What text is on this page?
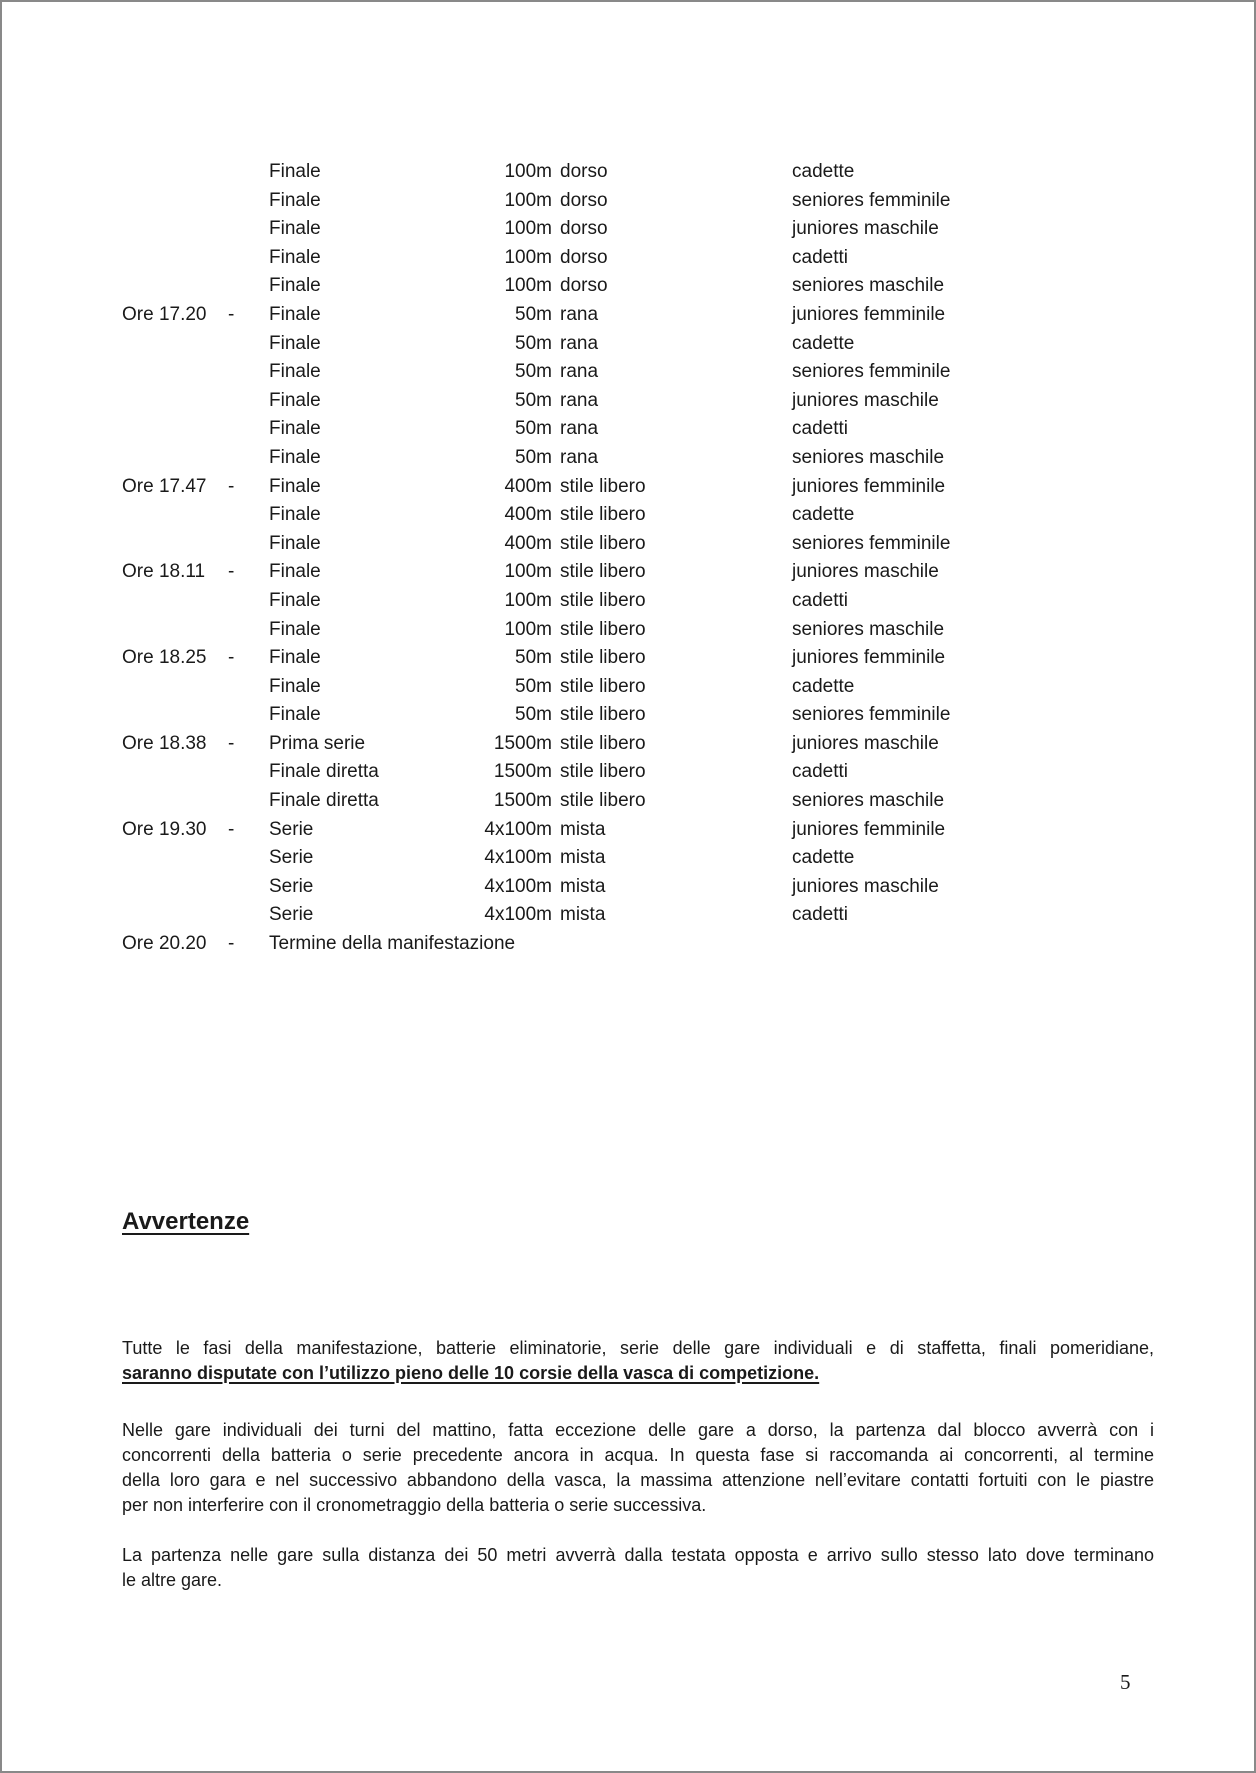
Finale	100m dorso	cadette
Finale	100m dorso	seniores femminile
Finale	100m dorso	juniores maschile
Finale	100m dorso	cadetti
Finale	100m dorso	seniores maschile
Ore 17.20 - Finale	50m rana	juniores femminile
Finale	50m rana	cadette
Finale	50m rana	seniores femminile
Finale	50m rana	juniores maschile
Finale	50m rana	cadetti
Finale	50m rana	seniores maschile
Ore 17.47 - Finale	400m stile libero	juniores femminile
Finale	400m stile libero	cadette
Finale	400m stile libero	seniores femminile
Ore 18.11 - Finale	100m stile libero	juniores maschile
Finale	100m stile libero	cadetti
Finale	100m stile libero	seniores maschile
Ore 18.25 - Finale	50m stile libero	juniores femminile
Finale	50m stile libero	cadette
Finale	50m stile libero	seniores femminile
Ore 18.38 - Prima serie	1500m stile libero	juniores maschile
Finale diretta	1500m stile libero	cadetti
Finale diretta	1500m stile libero	seniores maschile
Ore 19.30 - Serie	4x100m mista	juniores femminile
Serie	4x100m mista	cadette
Serie	4x100m mista	juniores maschile
Serie	4x100m mista	cadetti
Ore 20.20 - Termine della manifestazione
Avvertenze
Tutte le fasi della manifestazione, batterie eliminatorie, serie delle gare individuali e di staffetta, finali pomeridiane,
saranno disputate con l’utilizzo pieno delle 10 corsie della vasca di competizione.
Nelle gare individuali dei turni del mattino, fatta eccezione delle gare a dorso, la partenza dal blocco avverrà con i
concorrenti della batteria o serie precedente ancora in acqua. In questa fase si raccomanda ai concorrenti, al termine
della loro gara e nel successivo abbandono della vasca, la massima attenzione nell’evitare contatti fortuiti con le piastre
per non interferire con il cronometraggio della batteria o serie successiva.
La partenza nelle gare sulla distanza dei 50 metri avverrà dalla testata opposta e arrivo sullo stesso lato dove terminano
le altre gare.
5
